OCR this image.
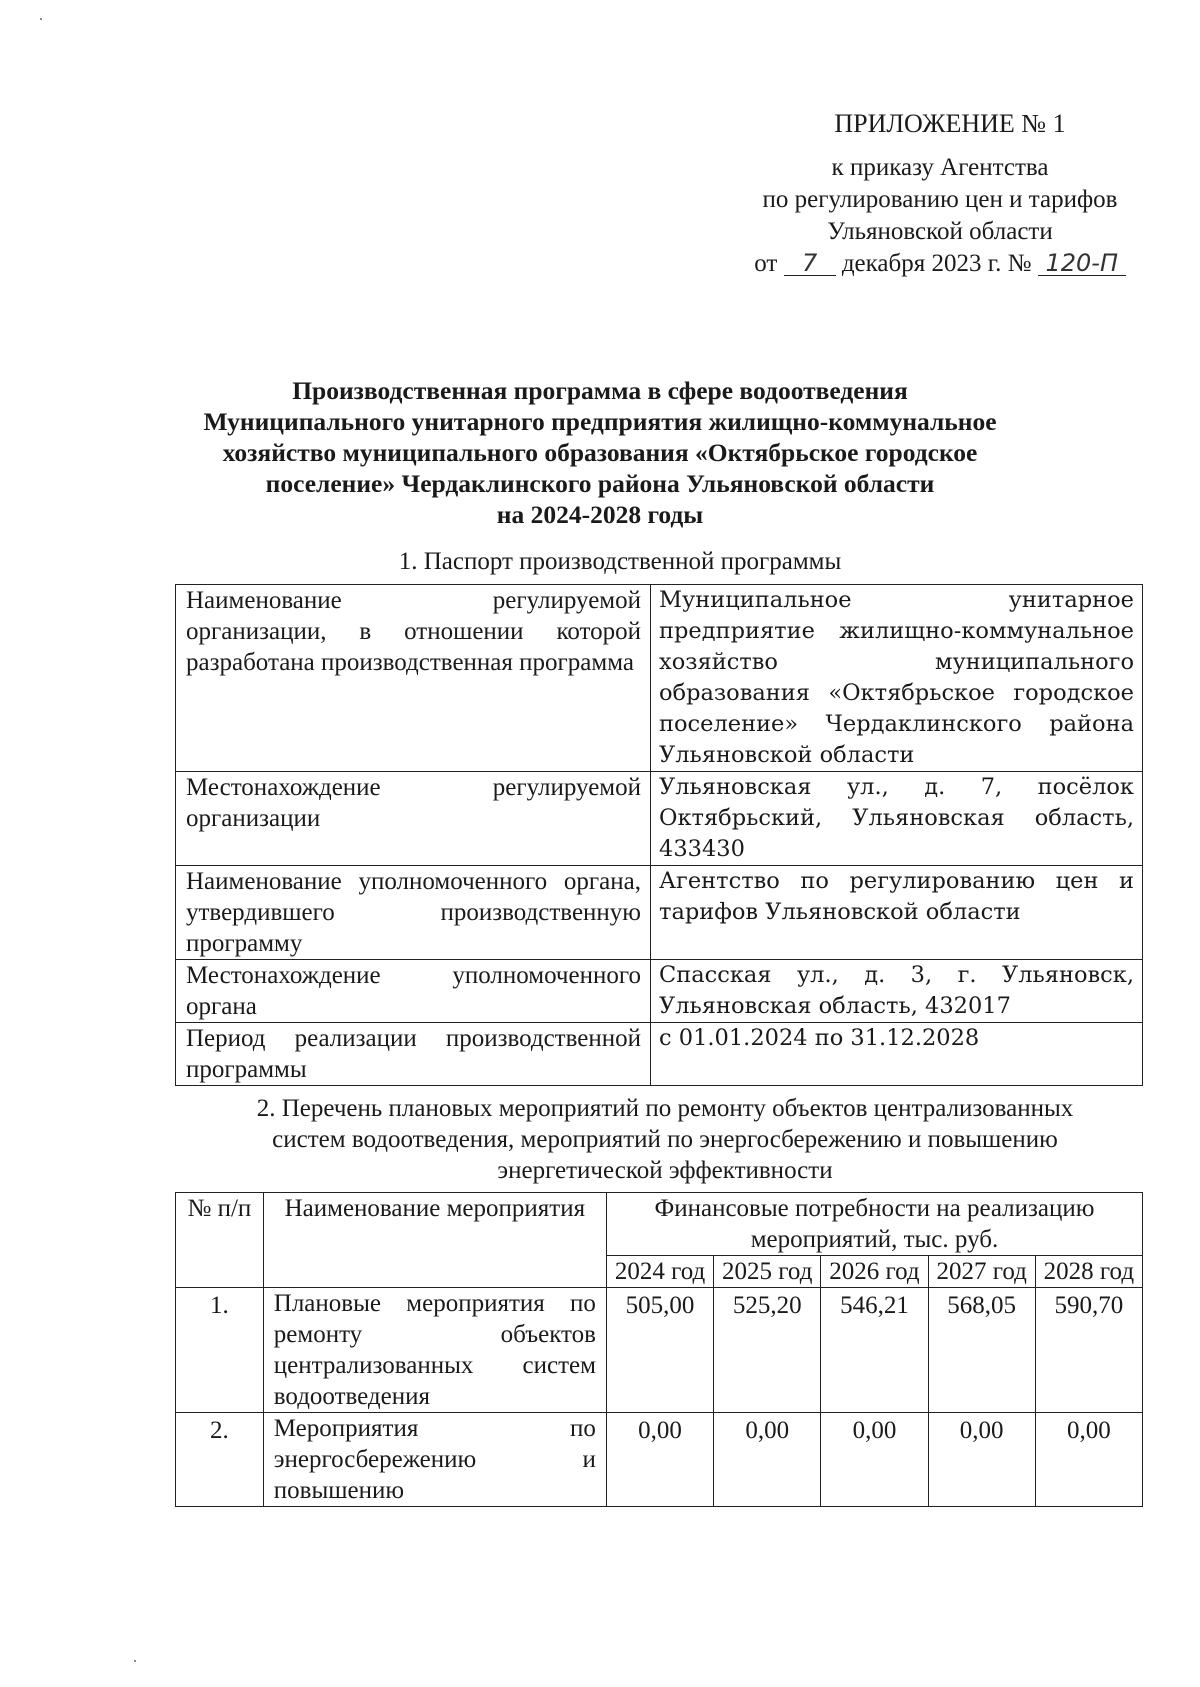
ПРИЛОЖЕНИЕ № 1
к приказу Агентства
по регулированию цен и тарифов
Ульяновской области
от 7 декабря 2023 г. № 120-П
Производственная программа в сфере водоотведения
Муниципального унитарного предприятия жилищно-коммунальное
хозяйство муниципального образования «Октябрьское городское
поселение» Чердаклинского района Ульяновской области
на 2024-2028 годы
1. Паспорт производственной программы
Наименование регулируемой организации, в отношении которой разработана производственная программа	Муниципальное унитарное предприятие жилищно-коммунальное хозяйство муниципального образования «Октябрьское городское поселение» Чердаклинского района Ульяновской области
Местонахождение регулируемой организации	Ульяновская ул., д. 7, посёлок Октябрьский, Ульяновская область, 433430
Наименование уполномоченного органа, утвердившего производственную программу	Агентство по регулированию цен и тарифов Ульяновской области
Местонахождение уполномоченного органа	Спасская ул., д. 3, г. Ульяновск, Ульяновская область, 432017
Период реализации производственной программы	с 01.01.2024 по 31.12.2028
2. Перечень плановых мероприятий по ремонту объектов централизованных
систем водоотведения, мероприятий по энергосбережению и повышению
энергетической эффективности
№ п/п	Наименование мероприятия	Финансовые потребности на реализацию мероприятий, тыс. руб.				
		2024 год	2025 год	2026 год	2027 год	2028 год
1.	Плановые мероприятия по ремонту объектов централизованных систем водоотведения	505,00	525,20	546,21	568,05	590,70
2.	Мероприятия по энергосбережению и повышению	0,00	0,00	0,00	0,00	0,00
